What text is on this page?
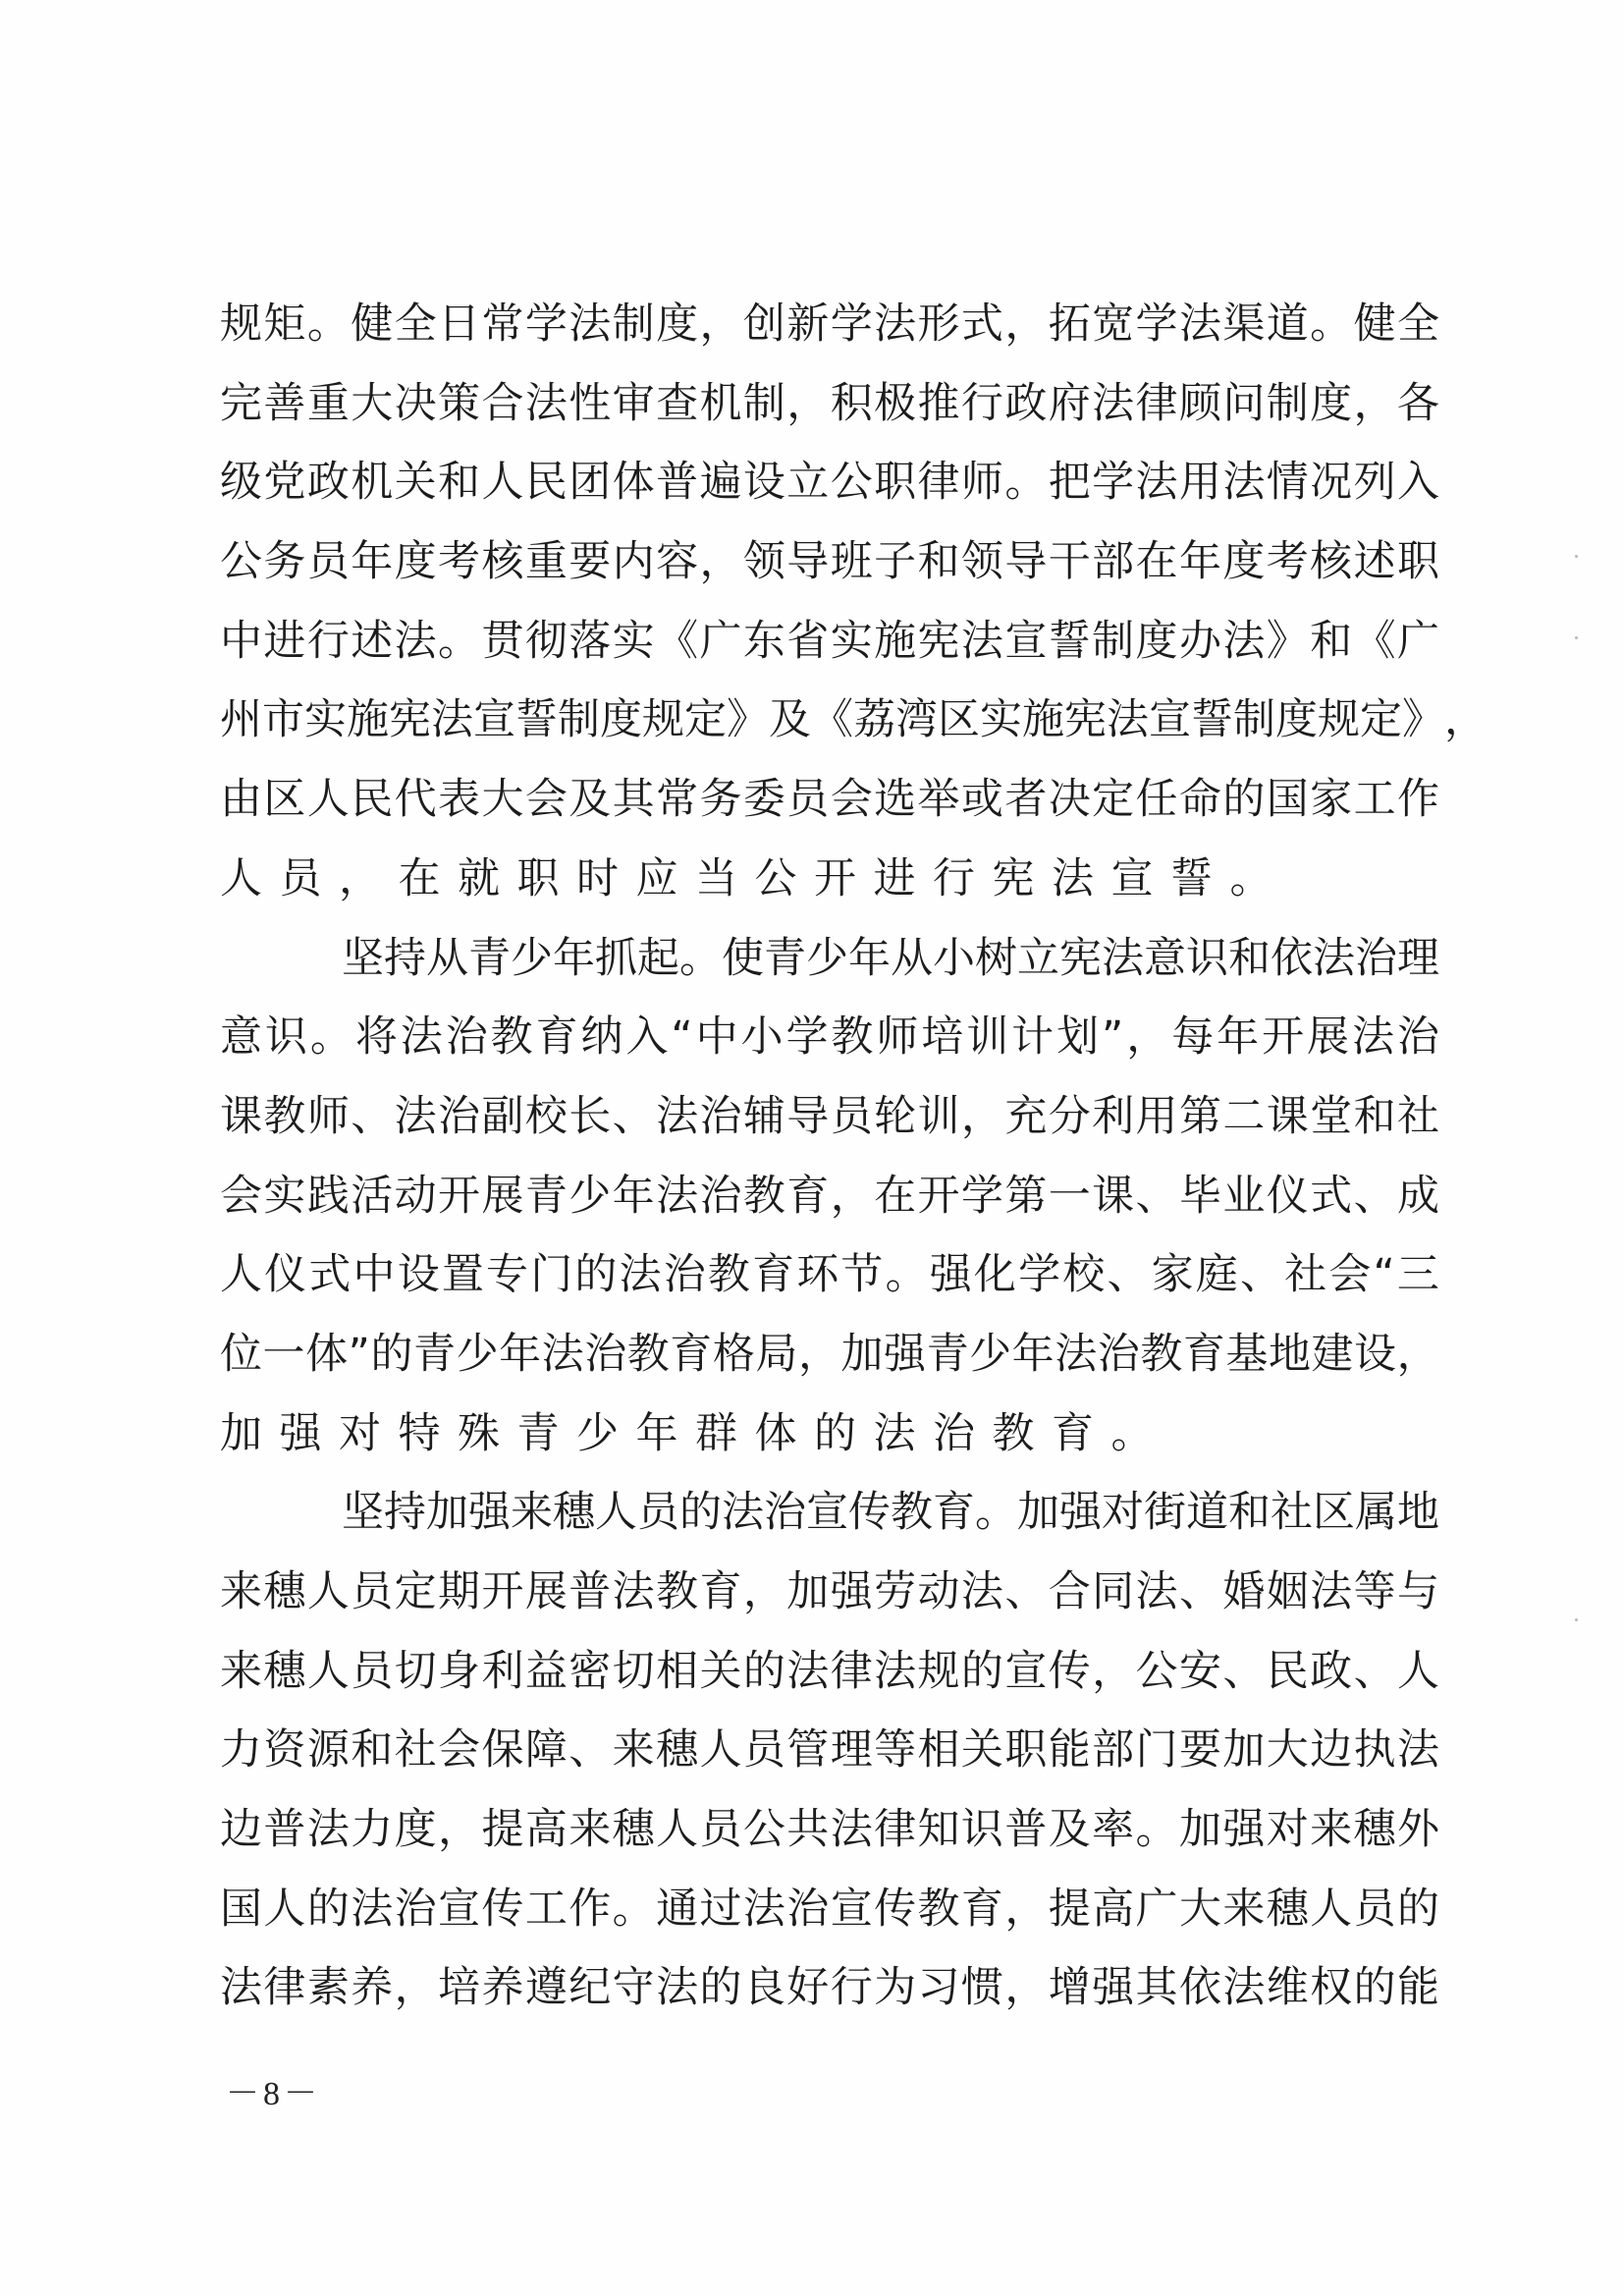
规 矩 。 健 全 日 常 学 法 制 度 ， 创 新 学 法 形 式 ， 拓 宽 学 法 渠 道 。 健 全
完 善 重 大 决 策 合 法 性 审 查 机 制 ， 积 极 推 行 政 府 法 律 顾 问 制 度 ， 各
级 党 政 机 关 和 人 民 团 体 普 遍 设 立 公 职 律 师 。 把 学 法 用 法 情 况 列 入
公 务 员 年 度 考 核 重 要 内 容 ， 领 导 班 子 和 领 导 干 部 在 年 度 考 核 述 职
中 进 行 述 法 。 贯 彻 落 实 《 广 东 省 实 施 宪 法 宣 誓 制 度 办 法 》 和 《 广
州 市 实 施 宪 法 宣 誓 制 度 规 定 》 及 《 荔 湾 区 实 施 宪 法 宣 誓 制 度 规 定 》 ，
由 区 人 民 代 表 大 会 及 其 常 务 委 员 会 选 举 或 者 决 定 任 命 的 国 家 工 作
人员，在就职时应当公开进行宪法宣誓。
坚 持 从 青 少 年 抓 起 。 使 青 少 年 从 小 树 立 宪 法 意 识 和 依 法 治 理
意 识 。 将 法 治 教 育 纳 入 “ 中 小 学 教 师 培 训 计 划 ” ， 每 年 开 展 法 治
课 教 师 、 法 治 副 校 长 、 法 治 辅 导 员 轮 训 ， 充 分 利 用 第 二 课 堂 和 社
会 实 践 活 动 开 展 青 少 年 法 治 教 育 ， 在 开 学 第 一 课 、 毕 业 仪 式 、 成
人 仪 式 中 设 置 专 门 的 法 治 教 育 环 节 。 强 化 学 校 、 家 庭 、 社 会 “ 三
位 一 体 ” 的 青 少 年 法 治 教 育 格 局 ， 加 强 青 少 年 法 治 教 育 基 地 建 设 ，
加强对特殊青少年群体的法治教育。
坚 持 加 强 来 穗 人 员 的 法 治 宣 传 教 育 。 加 强 对 街 道 和 社 区 属 地
来 穗 人 员 定 期 开 展 普 法 教 育 ， 加 强 劳 动 法 、 合 同 法 、 婚 姻 法 等 与
来 穗 人 员 切 身 利 益 密 切 相 关 的 法 律 法 规 的 宣 传 ， 公 安 、 民 政 、 人
力 资 源 和 社 会 保 障 、 来 穗 人 员 管 理 等 相 关 职 能 部 门 要 加 大 边 执 法
边 普 法 力 度 ， 提 高 来 穗 人 员 公 共 法 律 知 识 普 及 率 。 加 强 对 来 穗 外
国 人 的 法 治 宣 传 工 作 。 通 过 法 治 宣 传 教 育 ， 提 高 广 大 来 穗 人 员 的
法 律 素 养 ， 培 养 遵 纪 守 法 的 良 好 行 为 习 惯 ， 增 强 其 依 法 维 权 的 能
－8－
